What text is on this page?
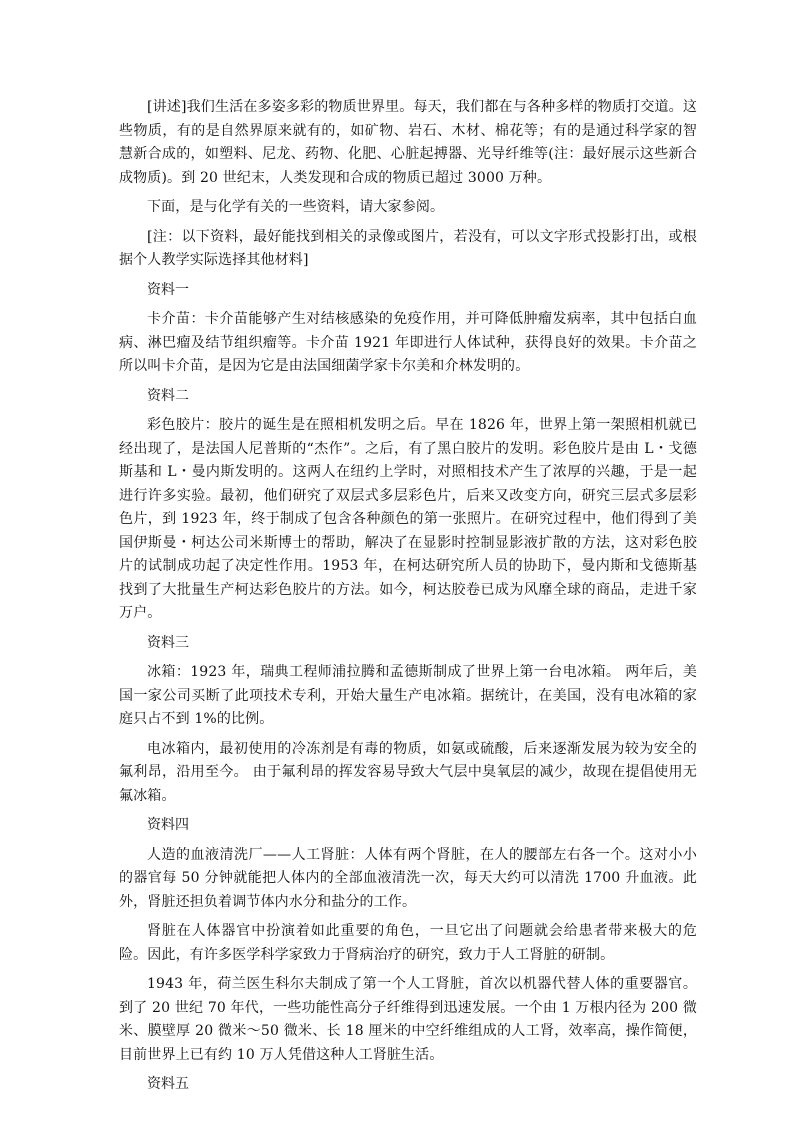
[讲述]我们生活在多姿多彩的物质世界里。每天，我们都在与各种多样的物质打交道。这些物质，有的是自然界原来就有的，如矿物、岩石、木材、棉花等；有的是通过科学家的智慧新合成的，如塑料、尼龙、药物、化肥、心脏起搏器、光导纤维等(注：最好展示这些新合成物质)。到 20 世纪末，人类发现和合成的物质已超过 3000 万种。

下面，是与化学有关的一些资料，请大家参阅。

[注：以下资料，最好能找到相关的录像或图片，若没有，可以文字形式投影打出，或根据个人教学实际选择其他材料]

资料一

卡介苗：卡介苗能够产生对结核感染的免疫作用，并可降低肿瘤发病率，其中包括白血病、淋巴瘤及结节组织瘤等。卡介苗 1921 年即进行人体试种，获得良好的效果。卡介苗之所以叫卡介苗，是因为它是由法国细菌学家卡尔美和介林发明的。

资料二

彩色胶片：胶片的诞生是在照相机发明之后。早在 1826 年，世界上第一架照相机就已经出现了，是法国人尼普斯的“杰作”。之后，有了黑白胶片的发明。彩色胶片是由 L・戈德斯基和 L・曼内斯发明的。这两人在纽约上学时，对照相技术产生了浓厚的兴趣，于是一起进行许多实验。最初，他们研究了双层式多层彩色片，后来又改变方向，研究三层式多层彩色片，到 1923 年，终于制成了包含各种颜色的第一张照片。在研究过程中，他们得到了美国伊斯曼・柯达公司米斯博士的帮助，解决了在显影时控制显影液扩散的方法，这对彩色胶片的试制成功起了决定性作用。1953 年，在柯达研究所人员的协助下，曼内斯和戈德斯基找到了大批量生产柯达彩色胶片的方法。如今，柯达胶卷已成为风靡全球的商品，走进千家万户。

资料三

冰箱：1923 年，瑞典工程师浦拉腾和孟德斯制成了世界上第一台电冰箱。 两年后，美国一家公司买断了此项技术专利，开始大量生产电冰箱。据统计，在美国，没有电冰箱的家庭只占不到 1%的比例。

电冰箱内，最初使用的冷冻剂是有毒的物质，如氨或硫酸，后来逐渐发展为较为安全的氟利昂，沿用至今。 由于氟利昂的挥发容易导致大气层中臭氧层的减少，故现在提倡使用无氟冰箱。

资料四

人造的血液清洗厂——人工肾脏：人体有两个肾脏，在人的腰部左右各一个。这对小小的器官每 50 分钟就能把人体内的全部血液清洗一次，每天大约可以清洗 1700 升血液。此外，肾脏还担负着调节体内水分和盐分的工作。

肾脏在人体器官中扮演着如此重要的角色，一旦它出了问题就会给患者带来极大的危险。因此，有许多医学科学家致力于肾病治疗的研究，致力于人工肾脏的研制。

1943 年，荷兰医生科尔夫制成了第一个人工肾脏，首次以机器代替人体的重要器官。到了 20 世纪 70 年代，一些功能性高分子纤维得到迅速发展。一个由 1 万根内径为 200 微米、膜壁厚 20 微米～50 微米、长 18 厘米的中空纤维组成的人工肾，效率高，操作简便，目前世界上已有约 10 万人凭借这种人工肾脏生活。

资料五
